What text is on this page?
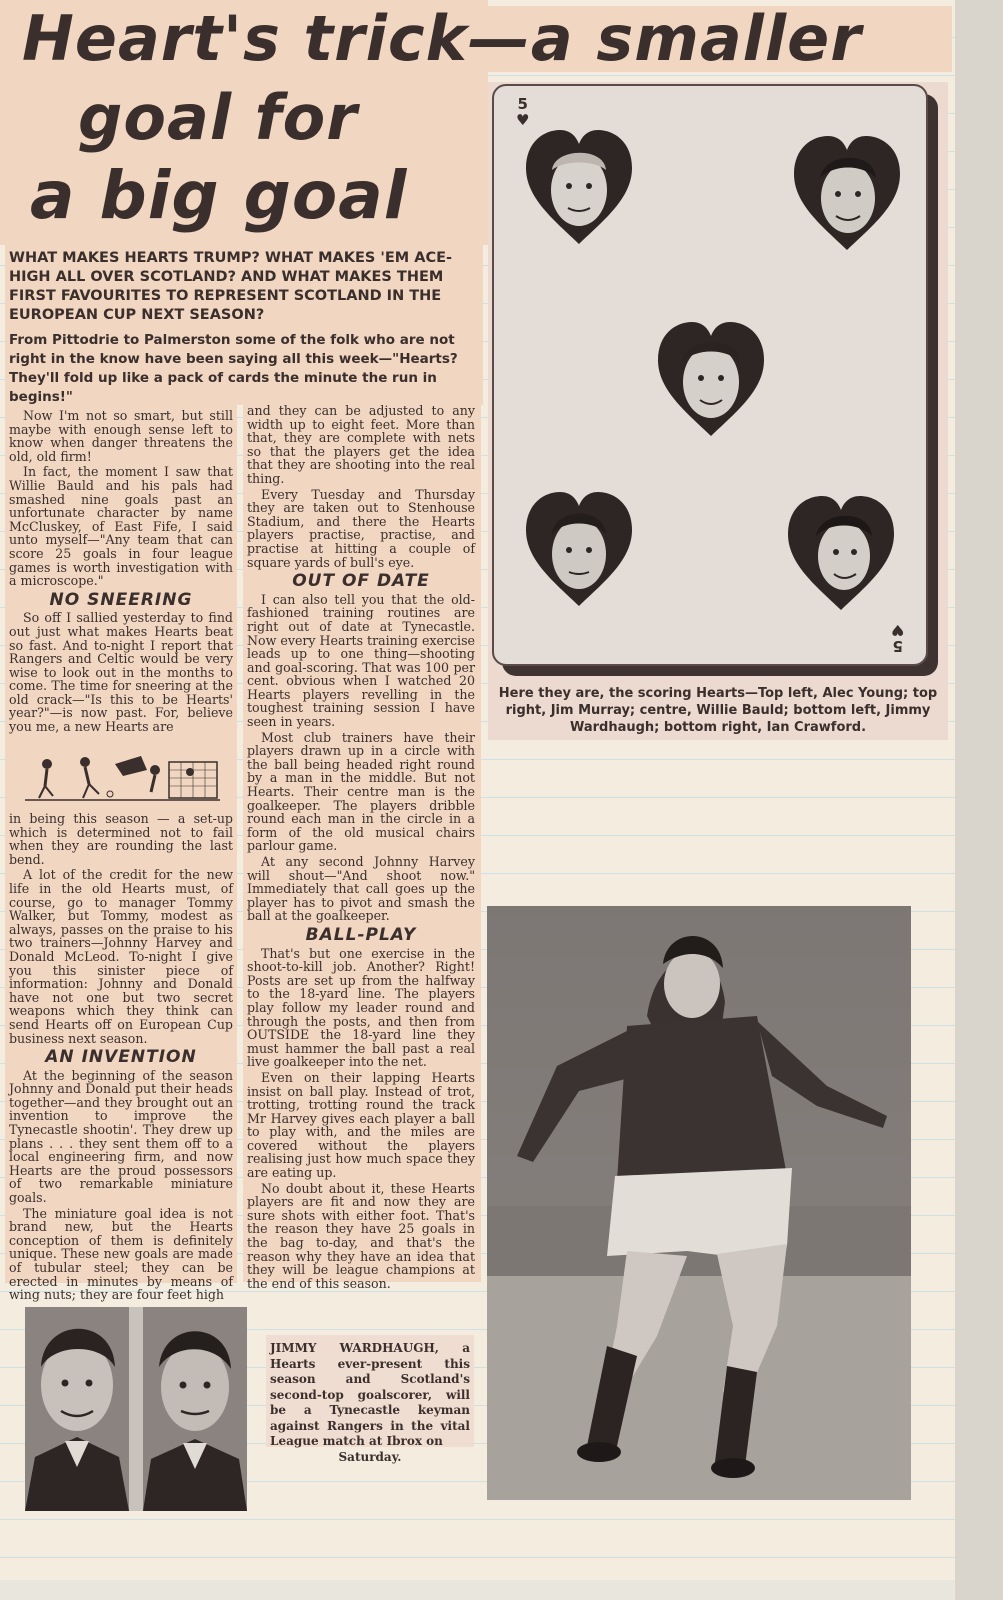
Heart's trick—a smaller
goal for
a big goal

WHAT MAKES HEARTS TRUMP? WHAT MAKES 'EM ACE-HIGH ALL OVER SCOTLAND? AND WHAT MAKES THEM FIRST FAVOURITES TO REPRESENT SCOTLAND IN THE EUROPEAN CUP NEXT SEASON?

From Pittodrie to Palmerston some of the folk who are not right in the know have been saying all this week—"Hearts? They'll fold up like a pack of cards the minute the run in begins!"

Now I'm not so smart, but still maybe with enough sense left to know when danger threatens the old, old firm!

In fact, the moment I saw that Willie Bauld and his pals had smashed nine goals past an unfortunate character by name McCluskey, of East Fife, I said unto myself—"Any team that can score 25 goals in four league games is worth investigation with a microscope."

NO SNEERING

So off I sallied yesterday to find out just what makes Hearts beat so fast. And to-night I report that Rangers and Celtic would be very wise to look out in the months to come. The time for sneering at the old crack—"Is this to be Hearts' year?"—is now past. For, believe you me, a new Hearts are

in being this season — a set-up which is determined not to fail when they are rounding the last bend.

A lot of the credit for the new life in the old Hearts must, of course, go to manager Tommy Walker, but Tommy, modest as always, passes on the praise to his two trainers—Johnny Harvey and Donald McLeod. To-night I give you this sinister piece of information: Johnny and Donald have not one but two secret weapons which they think can send Hearts off on European Cup business next season.

AN INVENTION

At the beginning of the season Johnny and Donald put their heads together—and they brought out an invention to improve the Tynecastle shootin'. They drew up plans . . . they sent them off to a local engineering firm, and now Hearts are the proud possessors of two remarkable miniature goals.

The miniature goal idea is not brand new, but the Hearts conception of them is definitely unique. These new goals are made of tubular steel; they can be erected in minutes by means of wing nuts; they are four feet high

and they can be adjusted to any width up to eight feet. More than that, they are complete with nets so that the players get the idea that they are shooting into the real thing.

Every Tuesday and Thursday they are taken out to Stenhouse Stadium, and there the Hearts players practise, practise, and practise at hitting a couple of square yards of bull's eye.

OUT OF DATE

I can also tell you that the old-fashioned training routines are right out of date at Tynecastle. Now every Hearts training exercise leads up to one thing—shooting and goal-scoring. That was 100 per cent. obvious when I watched 20 Hearts players revelling in the toughest training session I have seen in years.

Most club trainers have their players drawn up in a circle with the ball being headed right round by a man in the middle. But not Hearts. Their centre man is the goalkeeper. The players dribble round each man in the circle in a form of the old musical chairs parlour game.

At any second Johnny Harvey will shout—"And shoot now." Immediately that call goes up the player has to pivot and smash the ball at the goalkeeper.

BALL-PLAY

That's but one exercise in the shoot-to-kill job. Another? Right! Posts are set up from the halfway to the 18-yard line. The players play follow my leader round and through the posts, and then from OUTSIDE the 18-yard line they must hammer the ball past a real live goalkeeper into the net.

Even on their lapping Hearts insist on ball play. Instead of trot, trotting, trotting round the track Mr Harvey gives each player a ball to play with, and the miles are covered without the players realising just how much space they are eating up.

No doubt about it, these Hearts players are fit and now they are sure shots with either foot. That's the reason they have 25 goals in the bag to-day, and that's the reason why they have an idea that they will be league champions at the end of this season.

5
♥
5
♥
Here they are, the scoring Hearts—Top left, Alec Young; top right, Jim Murray; centre, Willie Bauld; bottom left, Jimmy Wardhaugh; bottom right, Ian Crawford.

JIMMY WARDHAUGH, a Hearts ever-present this season and Scotland's second-top goalscorer, will be a Tynecastle keyman against Rangers in the vital League match at Ibrox on

Saturday.
